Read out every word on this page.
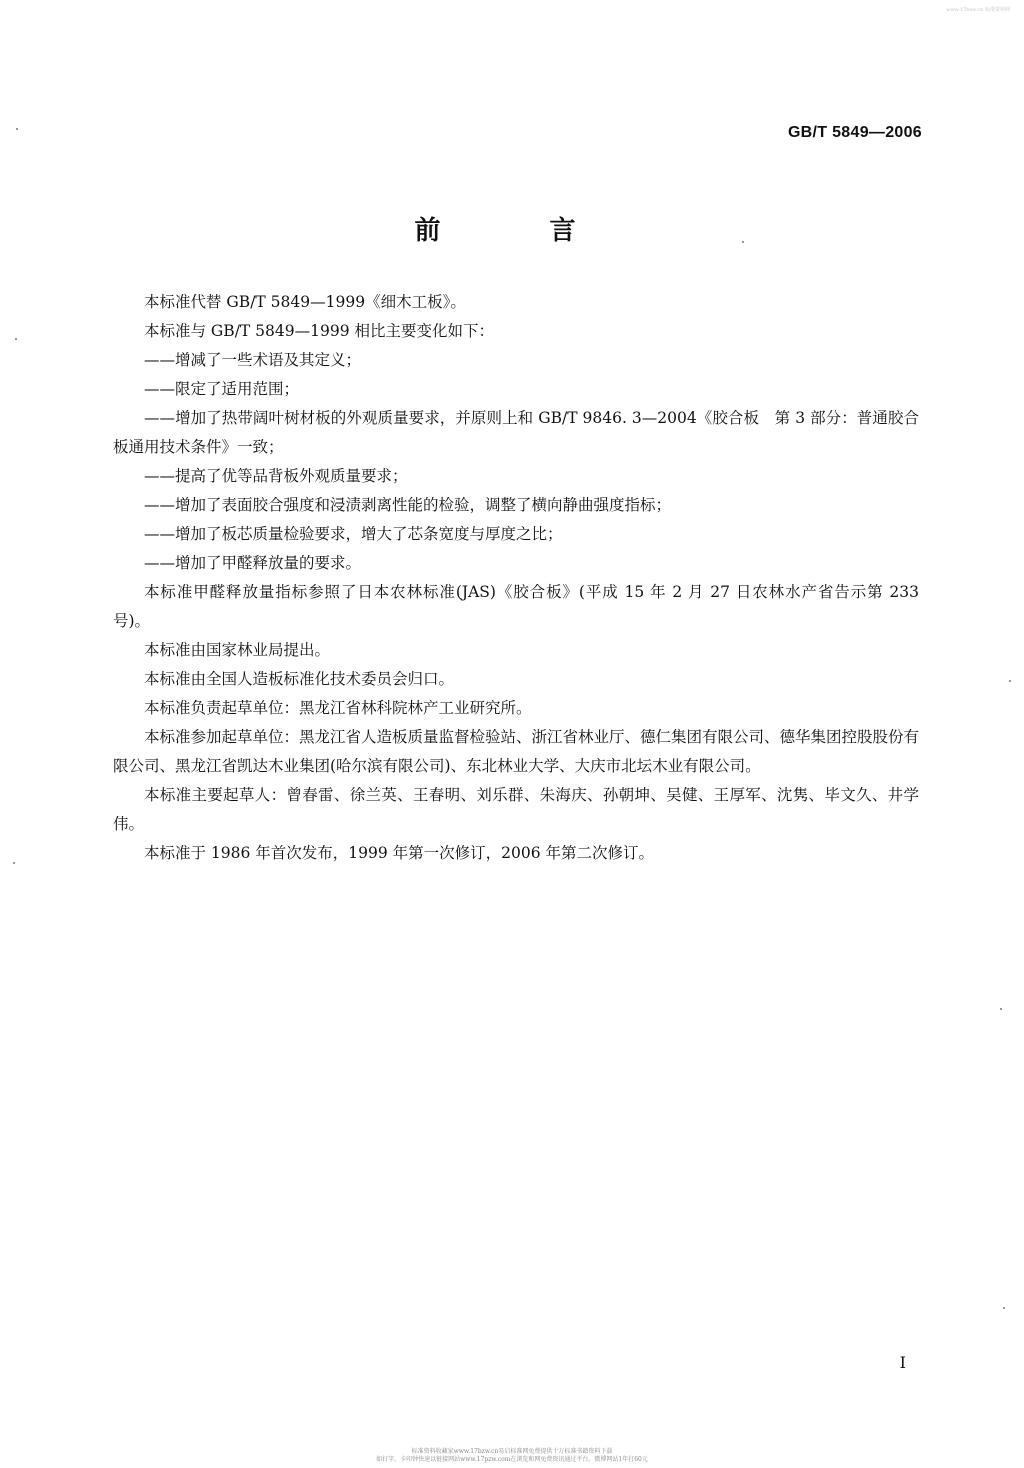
www.17bzw.cn 标准资料网
GB/T 5849—2006
前 言

本标准代替 GB/T 5849—1999《细木工板》。

本标准与 GB/T 5849—1999 相比主要变化如下：

——增减了一些术语及其定义；

——限定了适用范围；

——增加了热带阔叶树材板的外观质量要求，并原则上和 GB/T 9846. 3—2004《胶合板　第 3 部分：普通胶合板通用技术条件》一致；

——提高了优等品背板外观质量要求；

——增加了表面胶合强度和浸渍剥离性能的检验，调整了横向静曲强度指标；

——增加了板芯质量检验要求，增大了芯条宽度与厚度之比；

——增加了甲醛释放量的要求。

本标准甲醛释放量指标参照了日本农林标准(JAS)《胶合板》(平成 15 年 2 月 27 日农林水产省告示第 233 号)。

本标准由国家林业局提出。

本标准由全国人造板标准化技术委员会归口。

本标准负责起草单位：黑龙江省林科院林产工业研究所。

本标准参加起草单位：黑龙江省人造板质量监督检验站、浙江省林业厅、德仁集团有限公司、德华集团控股股份有限公司、黑龙江省凯达木业集团(哈尔滨有限公司)、东北林业大学、大庆市北坛木业有限公司。

本标准主要起草人：曾春雷、徐兰英、王春明、刘乐群、朱海庆、孙朝坤、吴健、王厚军、沈隽、毕文久、井学伟。

本标准于 1986 年首次发布，1999 年第一次修订，2006 年第二次修订。

I
标准资料收藏家www.17bzw.cn易启标准网免费提供十万标准书籍资料下载
如打字、卡印钟快速以链接网站www.17pzw.com在浏览和网免费资讯通过平台。微博网站1年打60元
